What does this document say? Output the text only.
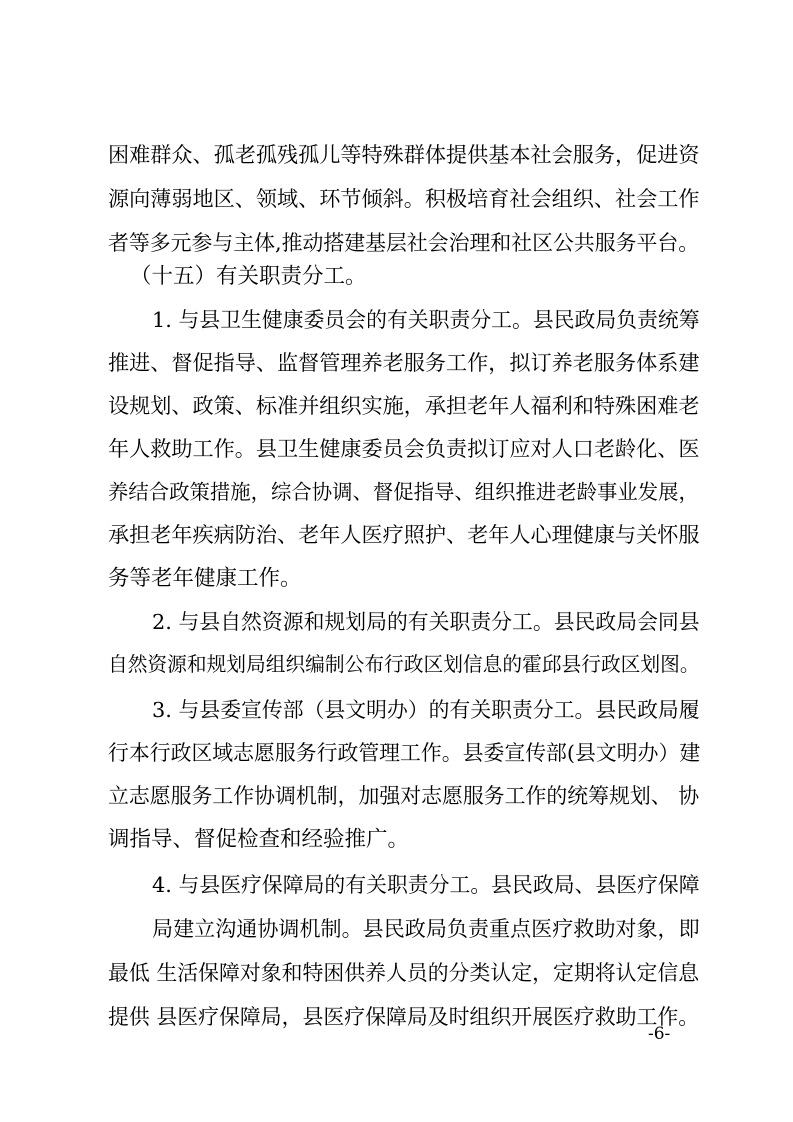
困难群众、孤老孤残孤儿等特殊群体提供基本社会服务，促进资
源向薄弱地区、领域、环节倾斜。积极培育社会组织、社会工作
者等多元参与主体,推动搭建基层社会治理和社区公共服务平台。
（十五）有关职责分工。
1. 与县卫生健康委员会的有关职责分工。县民政局负责统筹
推进、督促指导、监督管理养老服务工作，拟订养老服务体系建
设规划、政策、标准并组织实施，承担老年人福利和特殊困难老
年人救助工作。县卫生健康委员会负责拟订应对人口老龄化、医
养结合政策措施，综合协调、督促指导、组织推进老龄事业发展，
承担老年疾病防治、老年人医疗照护、老年人心理健康与关怀服
务等老年健康工作。
2. 与县自然资源和规划局的有关职责分工。县民政局会同县
自然资源和规划局组织编制公布行政区划信息的霍邱县行政区划图。
3. 与县委宣传部（县文明办）的有关职责分工。县民政局履
行本行政区域志愿服务行政管理工作。县委宣传部(县文明办）建
立志愿服务工作协调机制，加强对志愿服务工作的统筹规划、 协
调指导、督促检查和经验推广。
4. 与县医疗保障局的有关职责分工。县民政局、县医疗保障
局建立沟通协调机制。县民政局负责重点医疗救助对象，即
最低 生活保障对象和特困供养人员的分类认定，定期将认定信息
提供 县医疗保障局，县医疗保障局及时组织开展医疗救助工作。
-6-
